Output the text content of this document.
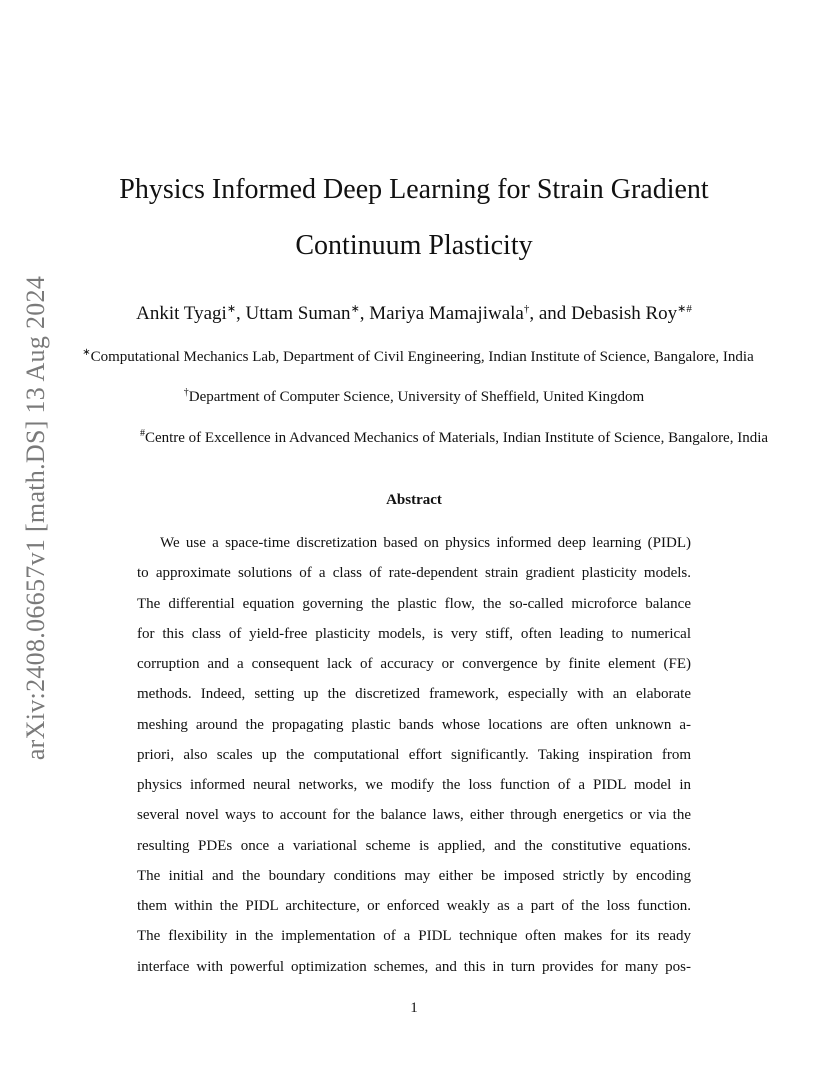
arXiv:2408.06657v1 [math.DS] 13 Aug 2024
Physics Informed Deep Learning for Strain Gradient
Continuum Plasticity
Ankit Tyagi∗, Uttam Suman∗, Mariya Mamajiwala†, and Debasish Roy∗#
∗Computational Mechanics Lab, Department of Civil Engineering, Indian Institute of Science, Bangalore, India
†Department of Computer Science, University of Sheffield, United Kingdom
#Centre of Excellence in Advanced Mechanics of Materials, Indian Institute of Science, Bangalore, India
Abstract
We use a space-time discretization based on physics informed deep learning (PIDL)
to approximate solutions of a class of rate-dependent strain gradient plasticity models.
The differential equation governing the plastic flow, the so-called microforce balance
for this class of yield-free plasticity models, is very stiff, often leading to numerical
corruption and a consequent lack of accuracy or convergence by finite element (FE)
methods. Indeed, setting up the discretized framework, especially with an elaborate
meshing around the propagating plastic bands whose locations are often unknown a-
priori, also scales up the computational effort significantly. Taking inspiration from
physics informed neural networks, we modify the loss function of a PIDL model in
several novel ways to account for the balance laws, either through energetics or via the
resulting PDEs once a variational scheme is applied, and the constitutive equations.
The initial and the boundary conditions may either be imposed strictly by encoding
them within the PIDL architecture, or enforced weakly as a part of the loss function.
The flexibility in the implementation of a PIDL technique often makes for its ready
interface with powerful optimization schemes, and this in turn provides for many pos-
1
